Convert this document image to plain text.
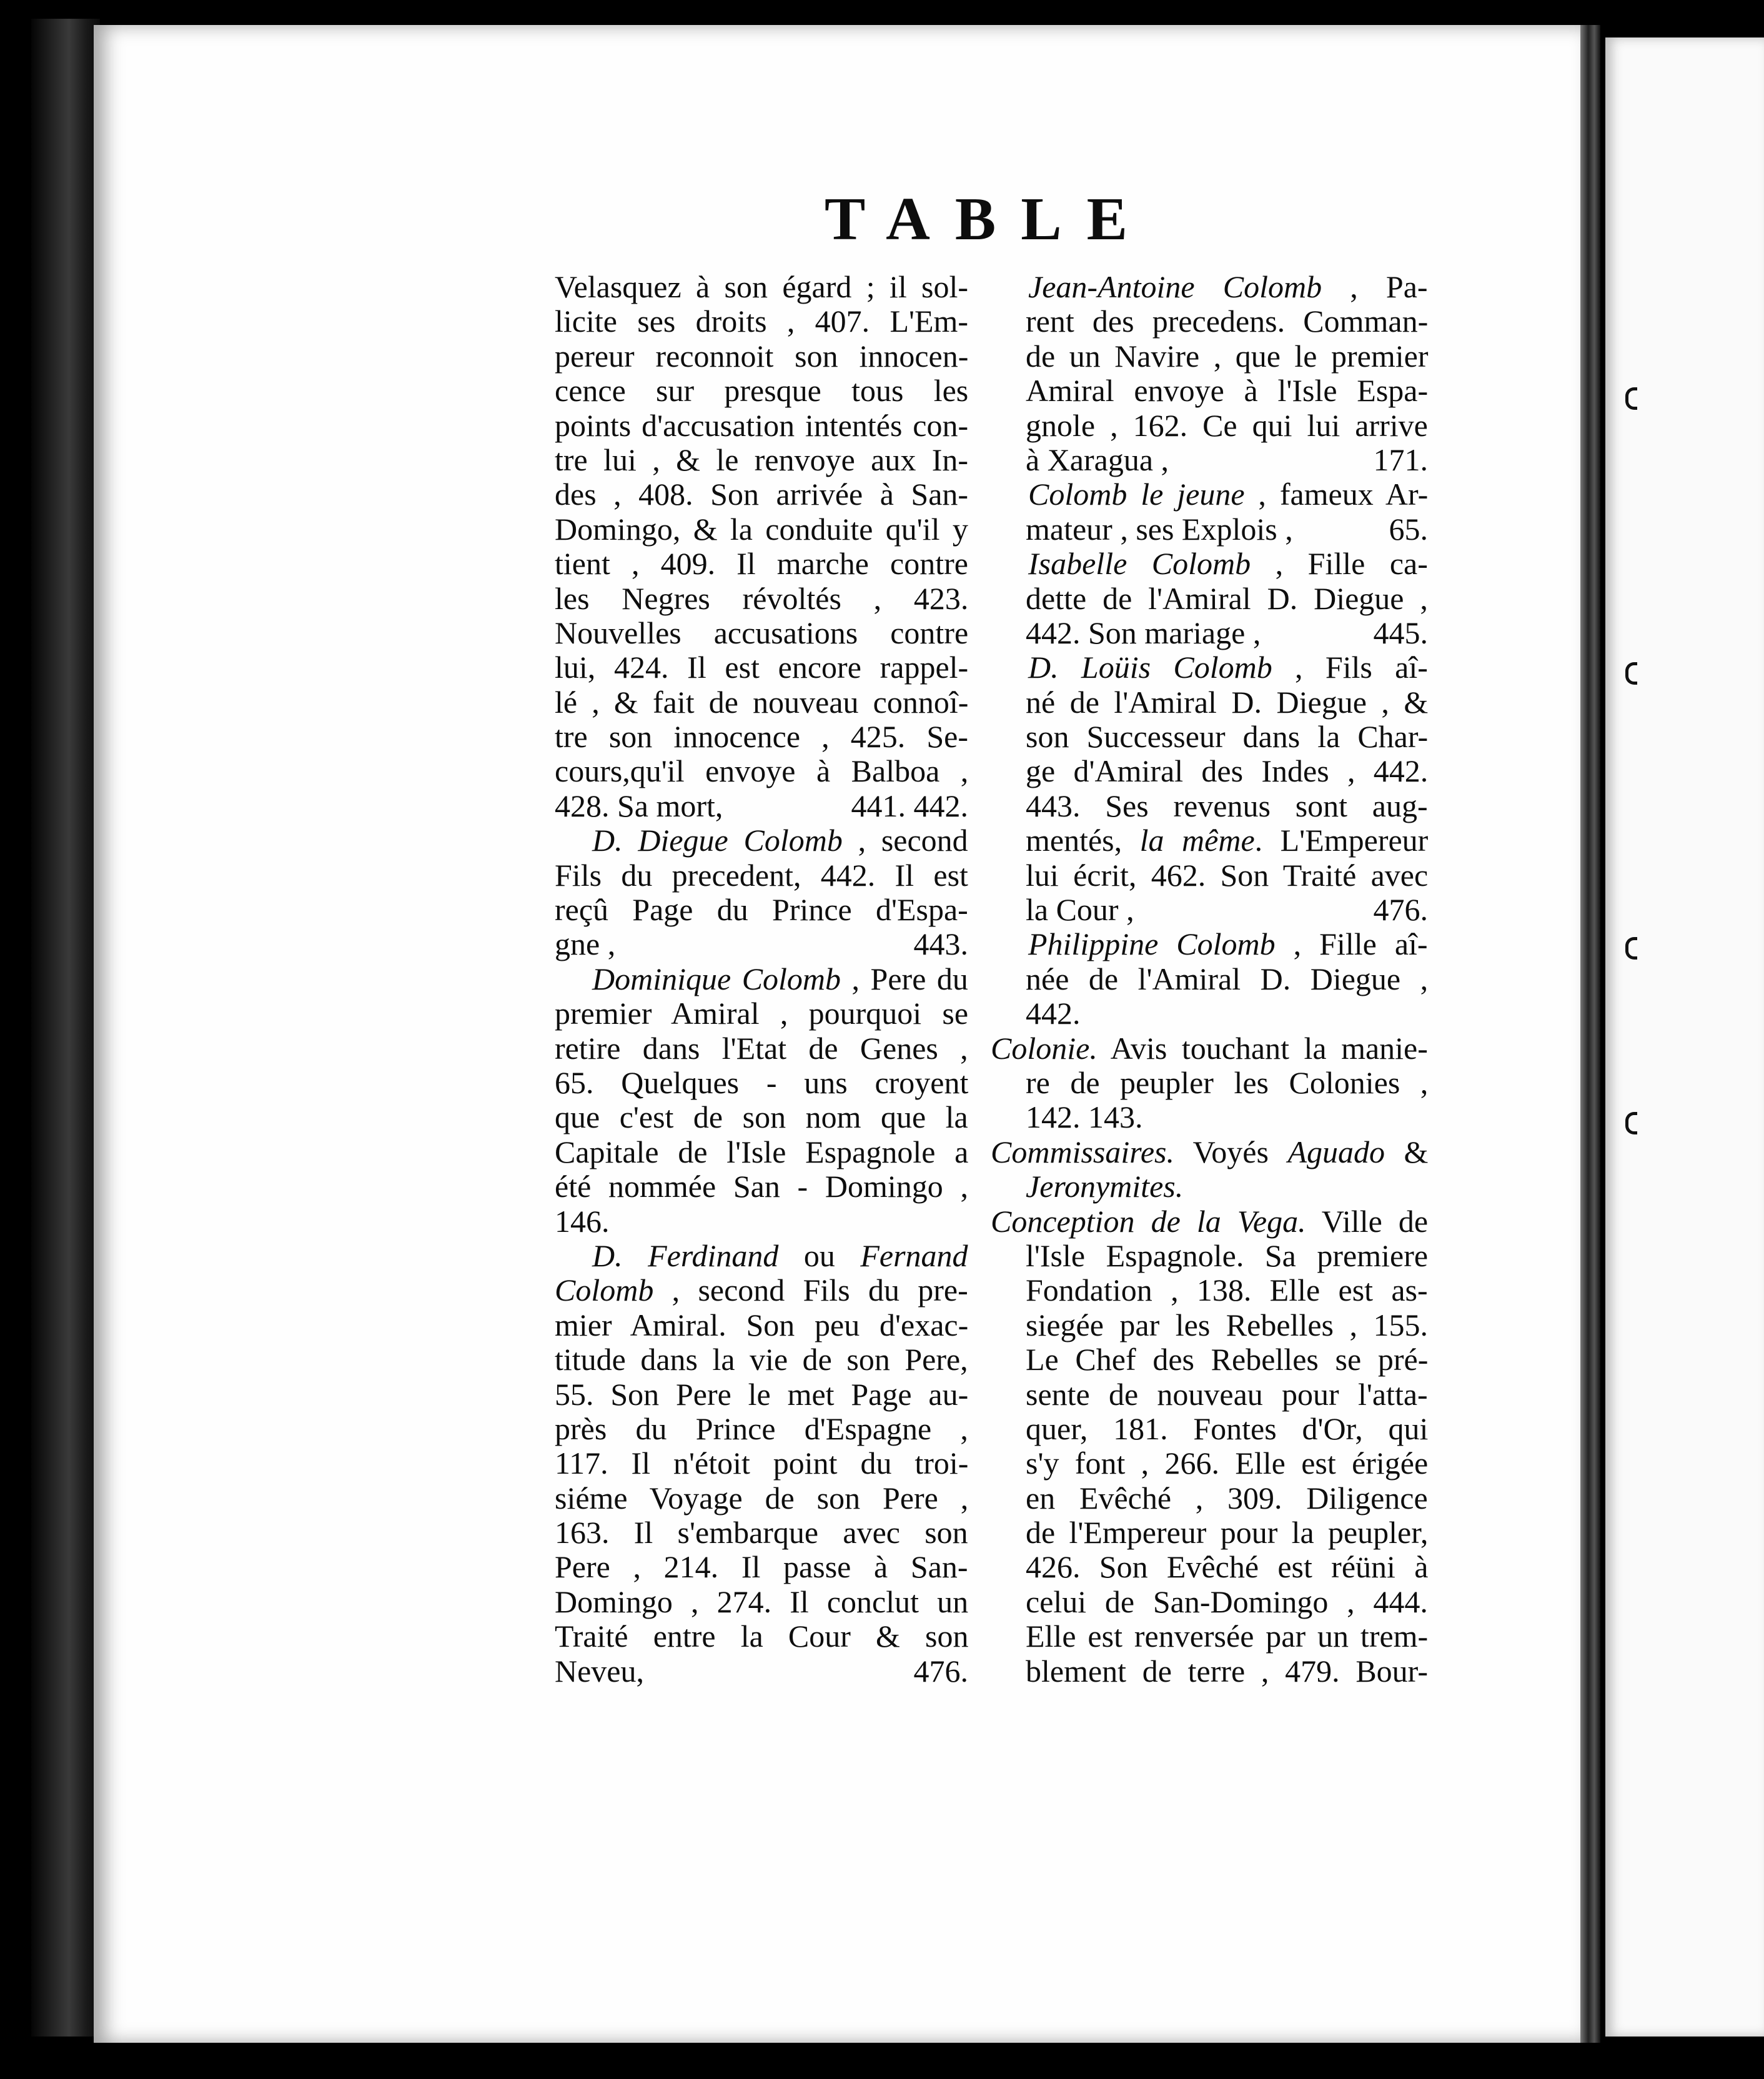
TABLE
Velasquez à son égard ; il sol-
licite ses droits , 407. L'Em-
pereur reconnoit son innocen-
cence sur presque tous les
points d'accusation intentés con-
tre lui , & le renvoye aux In-
des , 408. Son arrivée à San-
Domingo, & la conduite qu'il y
tient , 409. Il marche contre
les Negres révoltés , 423.
Nouvelles accusations contre
lui, 424. Il est encore rappel-
lé , & fait de nouveau connoî-
tre son innocence , 425. Se-
cours,qu'il envoye à Balboa ,
428. Sa mort,	441. 442.
D. Diegue Colomb , second
Fils du precedent, 442. Il est
reçû Page du Prince d'Espa-
gne ,	443.
Dominique Colomb , Pere du
premier Amiral , pourquoi se
retire dans l'Etat de Genes ,
65. Quelques - uns croyent
que c'est de son nom que la
Capitale de l'Isle Espagnole a
été nommée San - Domingo ,
146.
D. Ferdinand ou Fernand
Colomb , second Fils du pre-
mier Amiral. Son peu d'exac-
titude dans la vie de son Pere,
55. Son Pere le met Page au-
près du Prince d'Espagne ,
117. Il n'étoit point du troi-
siéme Voyage de son Pere ,
163. Il s'embarque avec son
Pere , 214. Il passe à San-
Domingo , 274. Il conclut un
Traité entre la Cour & son
Neveu,	476.
Jean-Antoine Colomb , Pa-
rent des precedens. Comman-
de un Navire , que le premier
Amiral envoye à l'Isle Espa-
gnole , 162. Ce qui lui arrive
à Xaragua ,	171.
Colomb le jeune , fameux Ar-
mateur , ses Explois ,	65.
Isabelle Colomb , Fille ca-
dette de l'Amiral D. Diegue ,
442. Son mariage ,	445.
D. Loüis Colomb , Fils aî-
né de l'Amiral D. Diegue , &
son Successeur dans la Char-
ge d'Amiral des Indes , 442.
443. Ses revenus sont aug-
mentés, la même. L'Empereur
lui écrit, 462. Son Traité avec
la Cour ,	476.
Philippine Colomb , Fille aî-
née de l'Amiral D. Diegue ,
442.
Colonie. Avis touchant la manie-
re de peupler les Colonies ,
142. 143.
Commissaires. Voyés Aguado &
Jeronymites.
Conception de la Vega. Ville de
l'Isle Espagnole. Sa premiere
Fondation , 138. Elle est as-
siegée par les Rebelles , 155.
Le Chef des Rebelles se pré-
sente de nouveau pour l'atta-
quer, 181. Fontes d'Or, qui
s'y font , 266. Elle est érigée
en Evêché , 309. Diligence
de l'Empereur pour la peupler,
426. Son Evêché est réüni à
celui de San-Domingo , 444.
Elle est renversée par un trem-
blement de terre , 479. Bour-
